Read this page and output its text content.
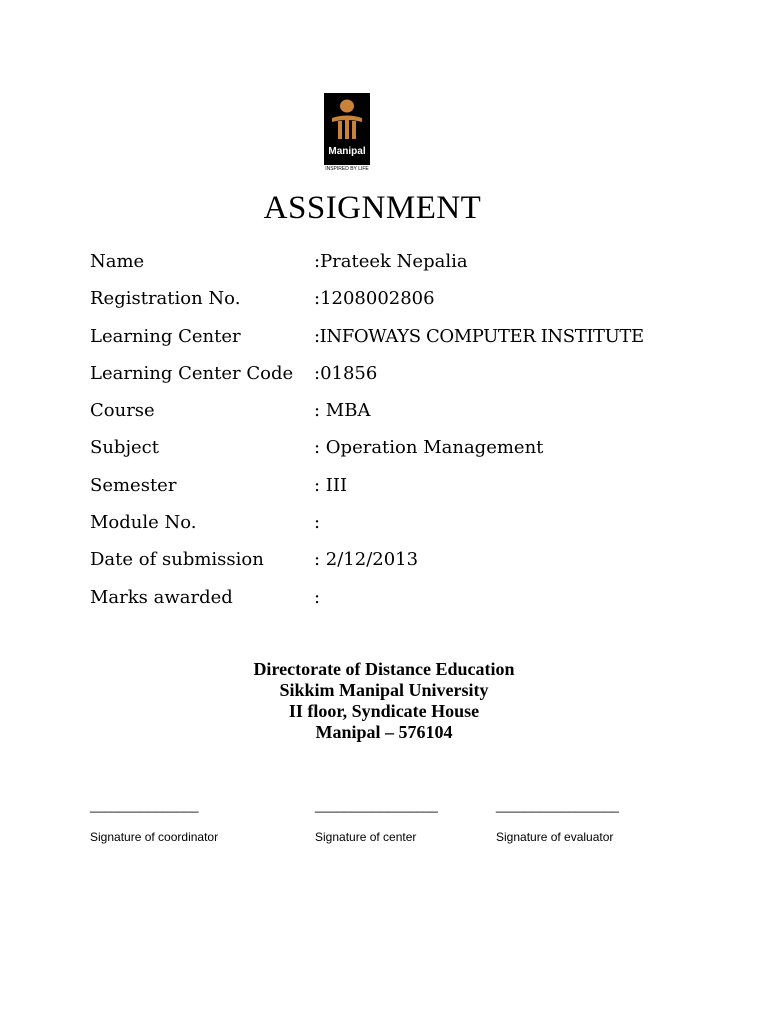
Manipal
INSPIRED BY LIFE
ASSIGNMENT
Name	:Prateek Nepalia
Registration No.	:1208002806
Learning Center	:INFOWAYS COMPUTER INSTITUTE
Learning Center Code :01856
Course	: MBA
Subject	: Operation Management
Semester	: III
Module No.	:
Date of submission	: 2/12/2013
Marks awarded	:
Directorate of Distance Education
Sikkim Manipal University
II floor, Syndicate House
Manipal – 576104
_______________
Signature of coordinator
_________________
Signature of center
_________________
Signature of evaluator
